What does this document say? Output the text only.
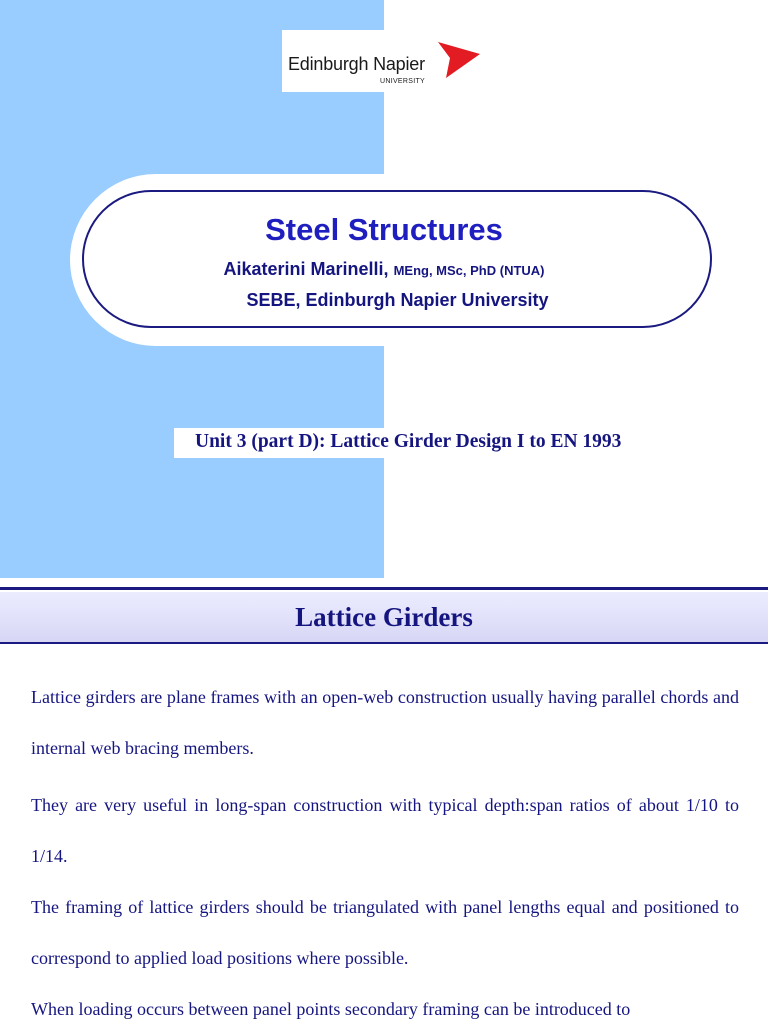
Edinburgh Napier
UNIVERSITY
Steel Structures
Aikaterini Marinelli, MEng, MSc, PhD (NTUA)
SEBE, Edinburgh Napier University
Unit 3 (part D): Lattice Girder Design I to EN 1993
Lattice Girders

Lattice girders are plane frames with an open-web construction usually having parallel chords and internal web bracing members.

They are very useful in long-span construction with typical depth:span ratios of about 1/10 to 1/14.

The framing of lattice girders should be triangulated with panel lengths equal and positioned to correspond to applied load positions where possible.

When loading occurs between panel points secondary framing can be introduced to
